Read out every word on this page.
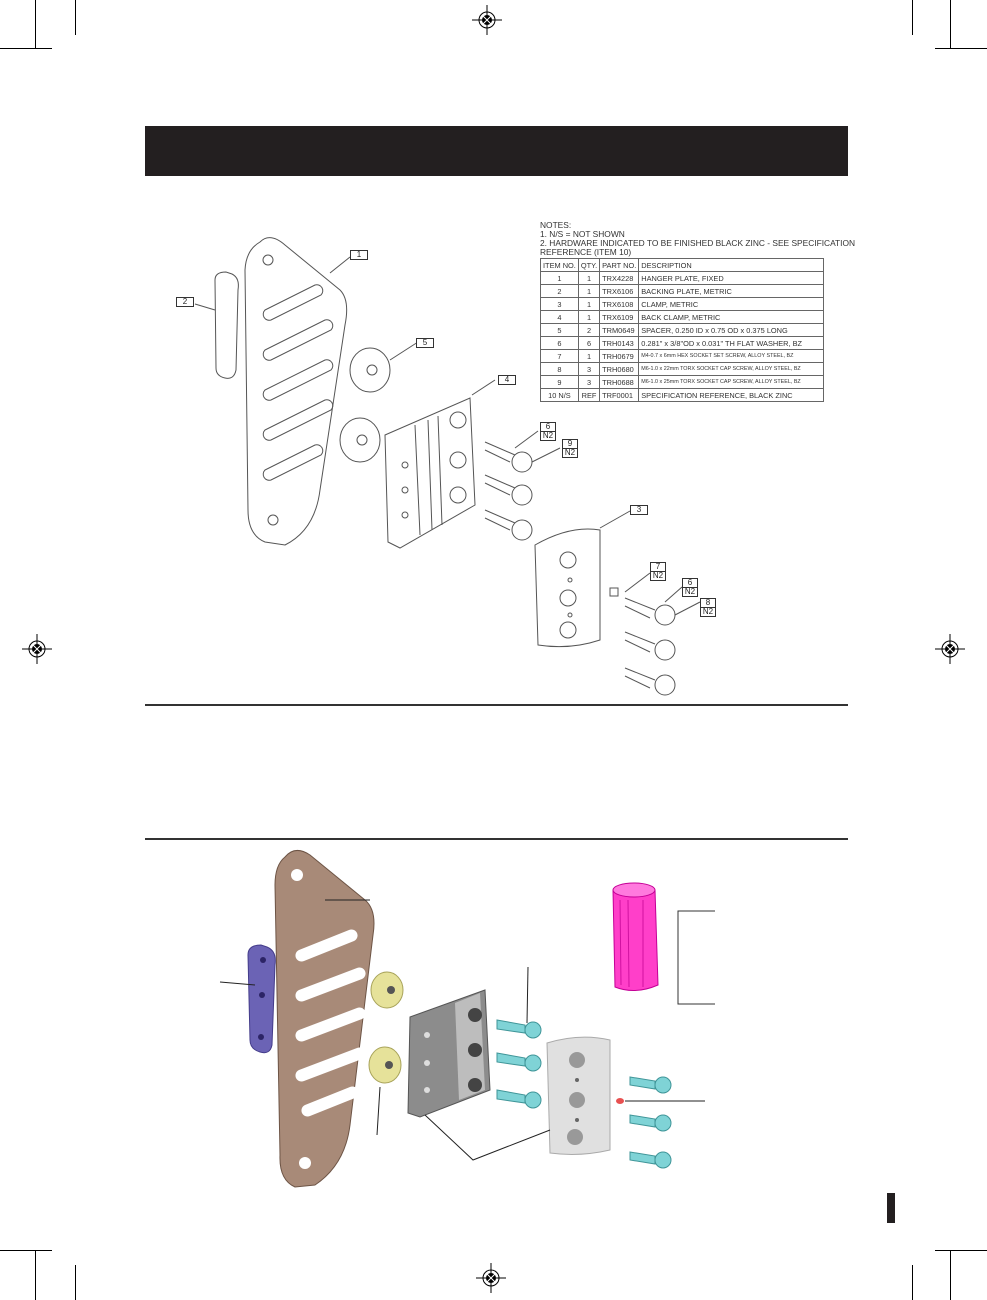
1
2
5
4
6
N2
9
N2
3
7
N2
6
N2
8
N2
NOTES:
1. N/S = NOT SHOWN
2. HARDWARE INDICATED TO BE FINISHED BLACK ZINC - SEE SPECIFICATION
REFERENCE (ITEM 10)
ITEM NO.	QTY.	PART NO.	DESCRIPTION
1	1	TRX4228	HANGER PLATE, FIXED
2	1	TRX6106	BACKING PLATE, METRIC
3	1	TRX6108	CLAMP, METRIC
4	1	TRX6109	BACK CLAMP, METRIC
5	2	TRM0649	SPACER, 0.250 ID x 0.75 OD x 0.375 LONG
6	6	TRH0143	0.281" x 3/8"OD x 0.031" TH FLAT WASHER, BZ
7	1	TRH0679	M4-0.7 x 6mm HEX SOCKET SET SCREW, ALLOY STEEL, BZ
8	3	TRH0680	M6-1.0 x 22mm TORX SOCKET CAP SCREW, ALLOY STEEL, BZ
9	3	TRH0688	M6-1.0 x 25mm TORX SOCKET CAP SCREW, ALLOY STEEL, BZ
10 N/S	REF	TRF0001	SPECIFICATION REFERENCE, BLACK ZINC
